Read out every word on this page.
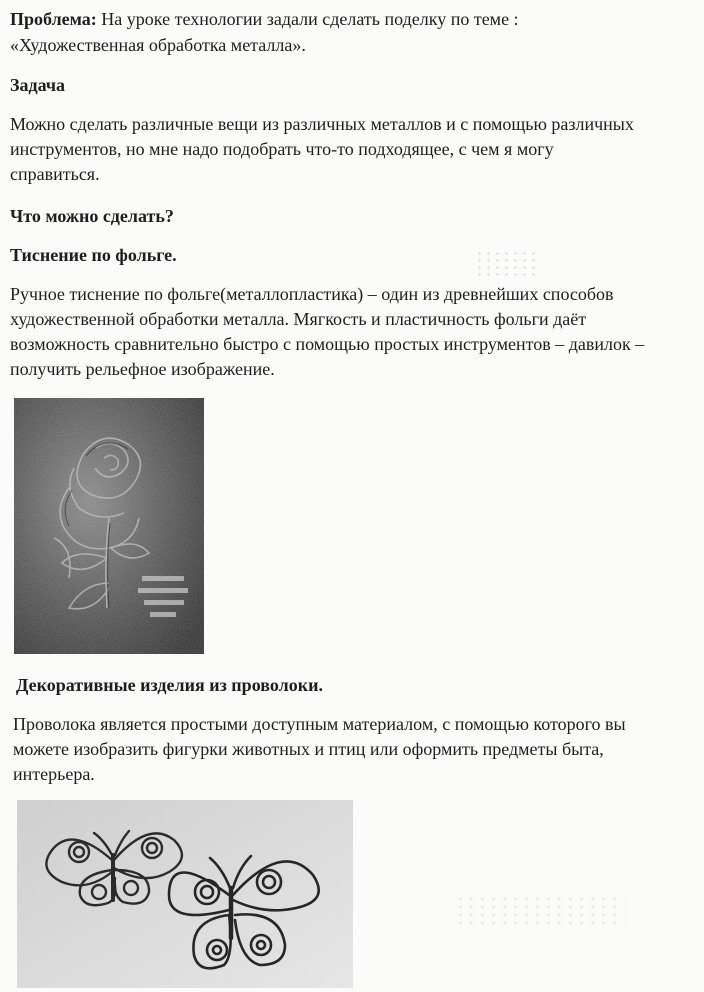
Проблема: На уроке технологии задали сделать поделку по теме :

«Художественная обработка металла».

Задача

Можно сделать различные вещи из различных металлов и с помощью различных

инструментов, но мне надо подобрать что-то подходящее, с чем я могу

справиться.

Что можно сделать?

Тиснение по фольге.

Ручное тиснение по фольге(металлопластика) – один из древнейших способов

художественной обработки металла. Мягкость и пластичность фольги даёт

возможность сравнительно быстро с помощью простых инструментов – давилок –

получить рельефное изображение.

Декоративные изделия из проволоки.

Проволока является простыми доступным материалом, с помощью которого вы

можете изобразить фигурки животных и птиц или оформить предметы быта,

интерьера.
